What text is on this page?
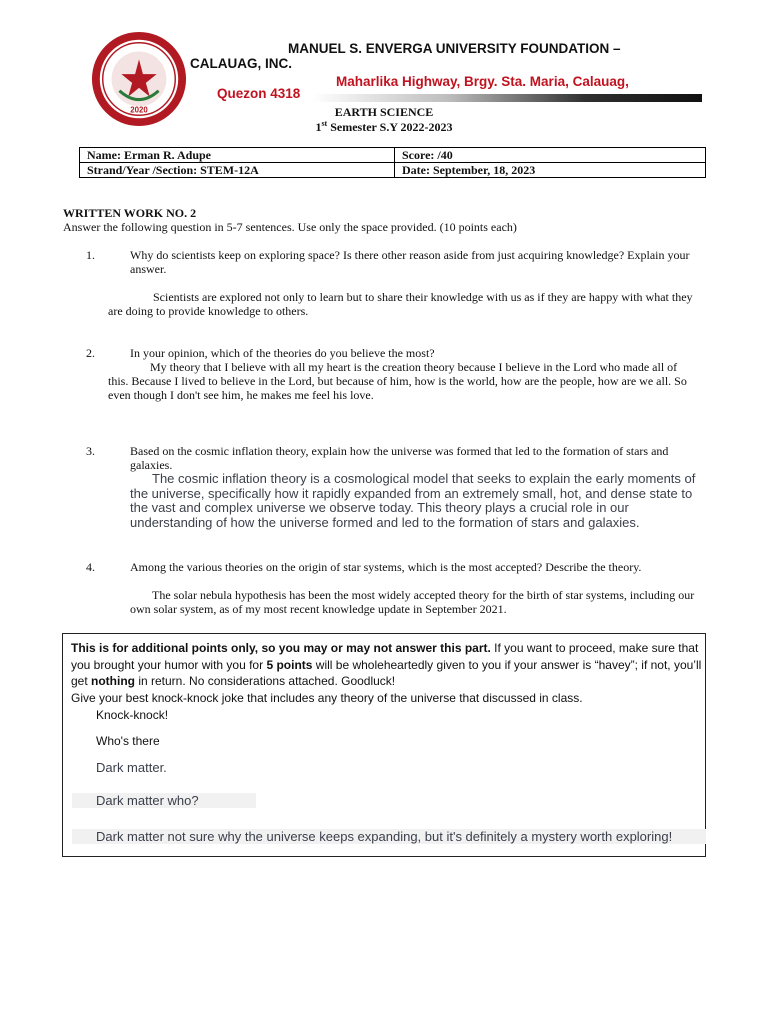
2020
MANUEL S. ENVERGA UNIVERSITY FOUNDATION –
CALAUAG, INC.
Maharlika Highway, Brgy. Sta. Maria, Calauag,
Quezon 4318
EARTH SCIENCE
1st Semester S.Y 2022-2023
Name: Erman R. Adupe	Score: /40
Strand/Year /Section: STEM-12A	Date: September, 18, 2023
WRITTEN WORK NO. 2
Answer the following question in 5-7 sentences. Use only the space provided. (10 points each)
1.	Why do scientists keep on exploring space? Is there other reason aside from just acquiring knowledge? Explain your answer.
Scientists are explored not only to learn but to share their knowledge with us as if they are happy with what they are doing to provide knowledge to others.
2.	In your opinion, which of the theories do you believe the most?
My theory that I believe with all my heart is the creation theory because I believe in the Lord who made all of this. Because I lived to believe in the Lord, but because of him, how is the world, how are the people, how are we all. So even though I don't see him, he makes me feel his love.
3.	Based on the cosmic inflation theory, explain how the universe was formed that led to the formation of stars and galaxies.
The cosmic inflation theory is a cosmological model that seeks to explain the early moments of the universe, specifically how it rapidly expanded from an extremely small, hot, and dense state to the vast and complex universe we observe today. This theory plays a crucial role in our understanding of how the universe formed and led to the formation of stars and galaxies.
4.	Among the various theories on the origin of star systems, which is the most accepted? Describe the theory.
The solar nebula hypothesis has been the most widely accepted theory for the birth of star systems, including our own solar system, as of my most recent knowledge update in September 2021.
This is for additional points only, so you may or may not answer this part. If you want to proceed, make sure that you brought your humor with you for 5 points will be wholeheartedly given to you if your answer is “havey”; if not, you’ll get nothing in return. No considerations attached. Goodluck!
Give your best knock-knock joke that includes any theory of the universe that discussed in class.
Knock-knock!
Who's there
Dark matter.
Dark matter who?
Dark matter not sure why the universe keeps expanding, but it's definitely a mystery worth exploring!
